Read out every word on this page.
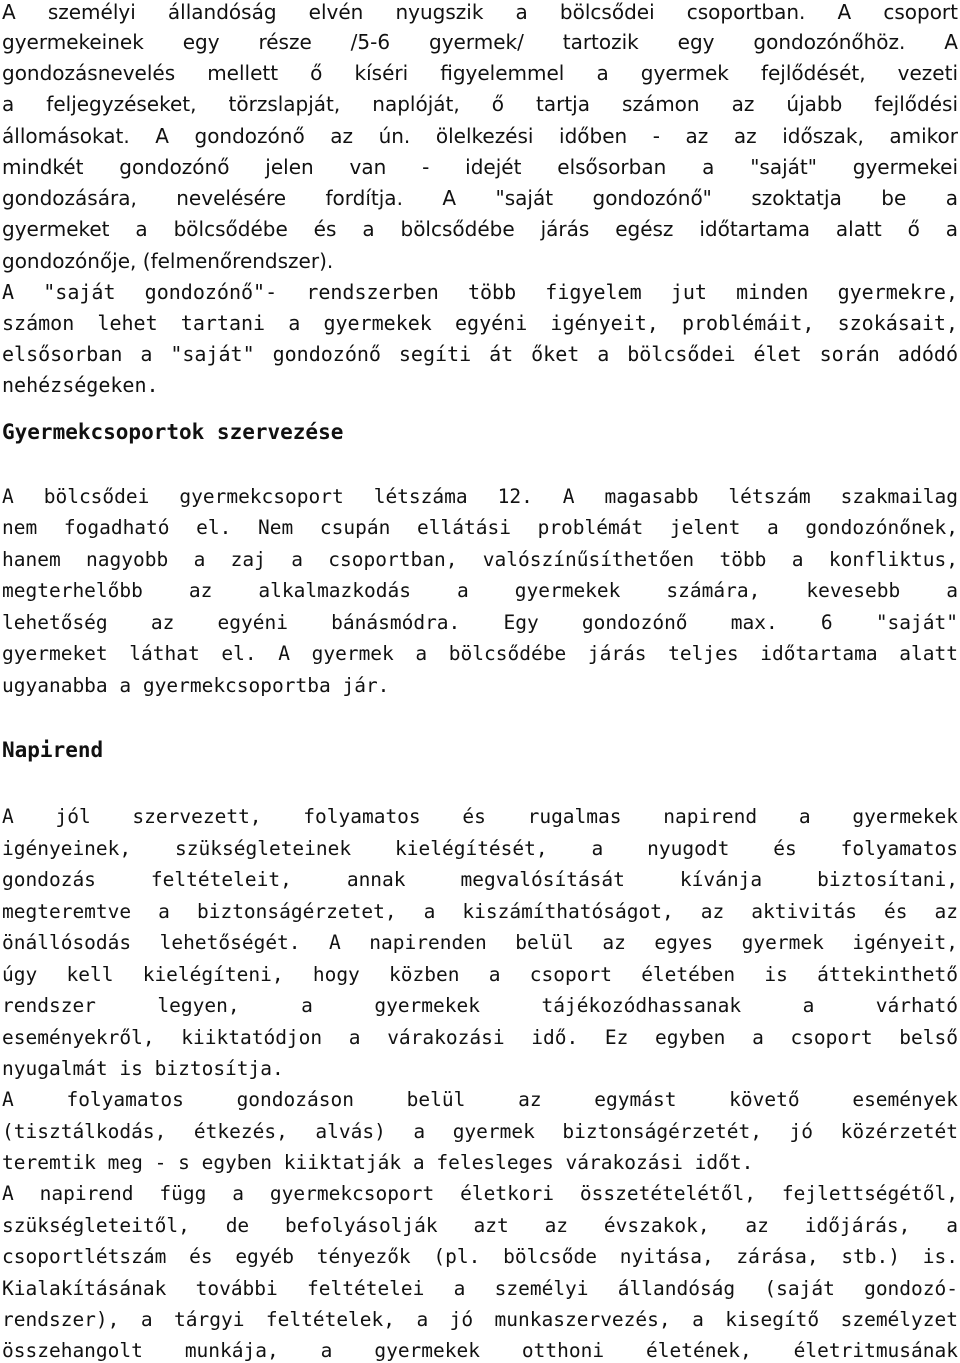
A személyi állandóság elvén nyugszik a bölcsődei csoportban. A csoport
gyermekeinek egy része /5-6 gyermek/ tartozik egy gondozónőhöz. A
gondozásnevelés mellett ő kíséri figyelemmel a gyermek fejlődését, vezeti
a feljegyzéseket, törzslapját, naplóját, ő tartja számon az újabb fejlődési
állomásokat. A gondozónő az ún. ölelkezési időben - az az időszak, amikor
mindkét gondozónő jelen van - idejét elsősorban a "saját" gyermekei
gondozására, nevelésére fordítja. A "saját gondozónő" szoktatja be a
gyermeket a bölcsődébe és a bölcsődébe járás egész időtartama alatt ő a
gondozónője, (felmenőrendszer).
A "saját gondozónő"- rendszerben több figyelem jut minden gyermekre,
számon lehet tartani a gyermekek egyéni igényeit, problémáit, szokásait,
elsősorban a "saját" gondozónő segíti át őket a bölcsődei élet során adódó
nehézségeken.
Gyermekcsoportok szervezése
A bölcsődei gyermekcsoport létszáma 12. A magasabb létszám szakmailag
nem fogadható el. Nem csupán ellátási problémát jelent a gondozónőnek,
hanem nagyobb a zaj a csoportban, valószínűsíthetően több a konfliktus,
megterhelőbb az alkalmazkodás a gyermekek számára, kevesebb a
lehetőség az egyéni bánásmódra. Egy gondozónő max. 6 "saját"
gyermeket láthat el. A gyermek a bölcsődébe járás teljes időtartama alatt
ugyanabba a gyermekcsoportba jár.
Napirend
A jól szervezett, folyamatos és rugalmas napirend a gyermekek
igényeinek, szükségleteinek kielégítését, a nyugodt és folyamatos
gondozás feltételeit, annak megvalósítását kívánja biztosítani,
megteremtve a biztonságérzetet, a kiszámíthatóságot, az aktivitás és az
önállósodás lehetőségét. A napirenden belül az egyes gyermek igényeit,
úgy kell kielégíteni, hogy közben a csoport életében is áttekinthető
rendszer legyen, a gyermekek tájékozódhassanak a várható
eseményekről, kiiktatódjon a várakozási idő. Ez egyben a csoport belső
nyugalmát is biztosítja.
A folyamatos gondozáson belül az egymást követő események
(tisztálkodás, étkezés, alvás) a gyermek biztonságérzetét, jó közérzetét
teremtik meg - s egyben kiiktatják a felesleges várakozási időt.
A napirend függ a gyermekcsoport életkori összetételétől, fejlettségétől,
szükségleteitől, de befolyásolják azt az évszakok, az időjárás, a
csoportlétszám és egyéb tényezők (pl. bölcsőde nyitása, zárása, stb.) is.
Kialakításának további feltételei a személyi állandóság (saját gondozó-
rendszer), a tárgyi feltételek, a jó munkaszervezés, a kisegítő személyzet
összehangolt munkája, a gyermekek otthoni életének, életritmusának
